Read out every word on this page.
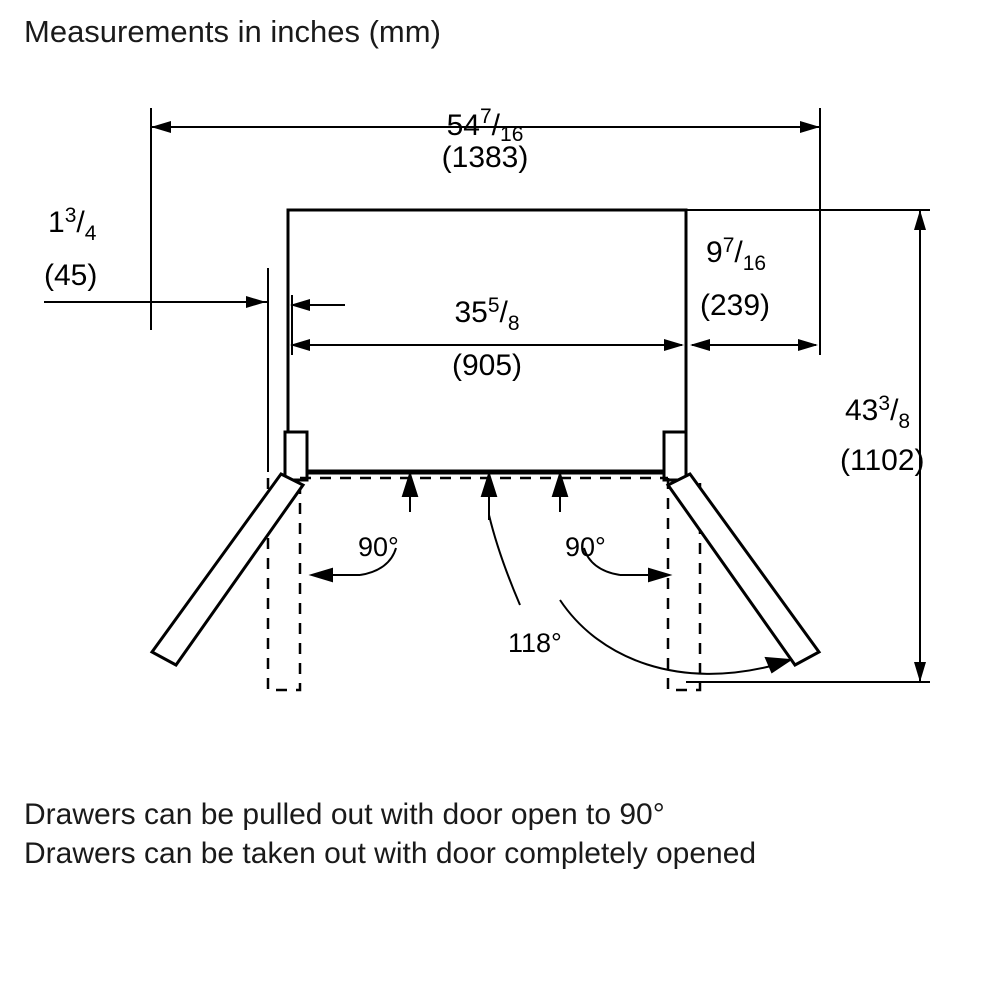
Measurements in inches (mm)
$54^7/_{16}$
(1383)
$1^3/_4$
(45)
$35^5/_8$
(905)
$9^7/_{16}$
(239)
$43^3/_8$
(1102)
90°	90°
118°
Drawers can be pulled out with door open to 90°
Drawers can be taken out with door completely opened
